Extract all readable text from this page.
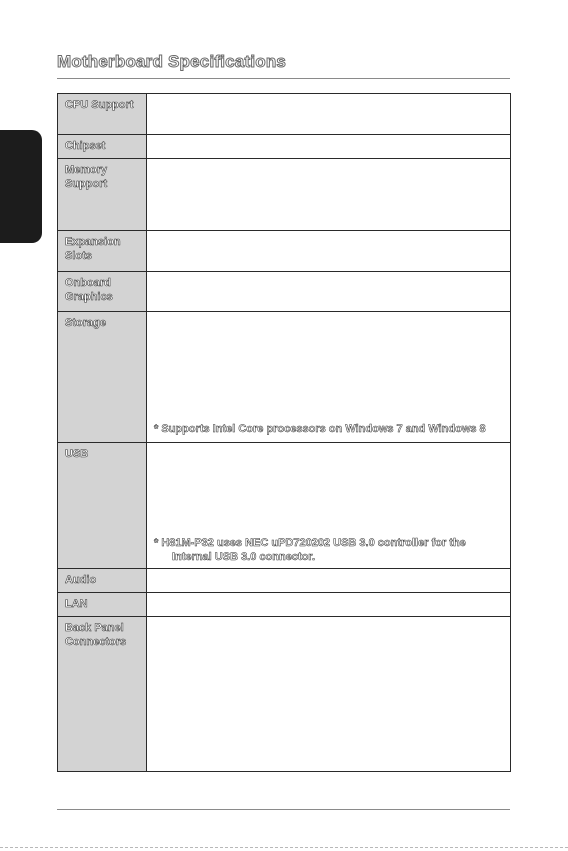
Motherboard Specifications
CPU Support	
Chipset	
Memory Support	
Expansion Slots	
Onboard Graphics	
Storage	* Supports Intel Core processors on Windows 7 and Windows 8

USB	* H81M-P32 uses NEC uPD720202 USB 3.0 controller for the
Internal USB 3.0 connector.

Audio	
LAN	
Back Panel Connectors	
